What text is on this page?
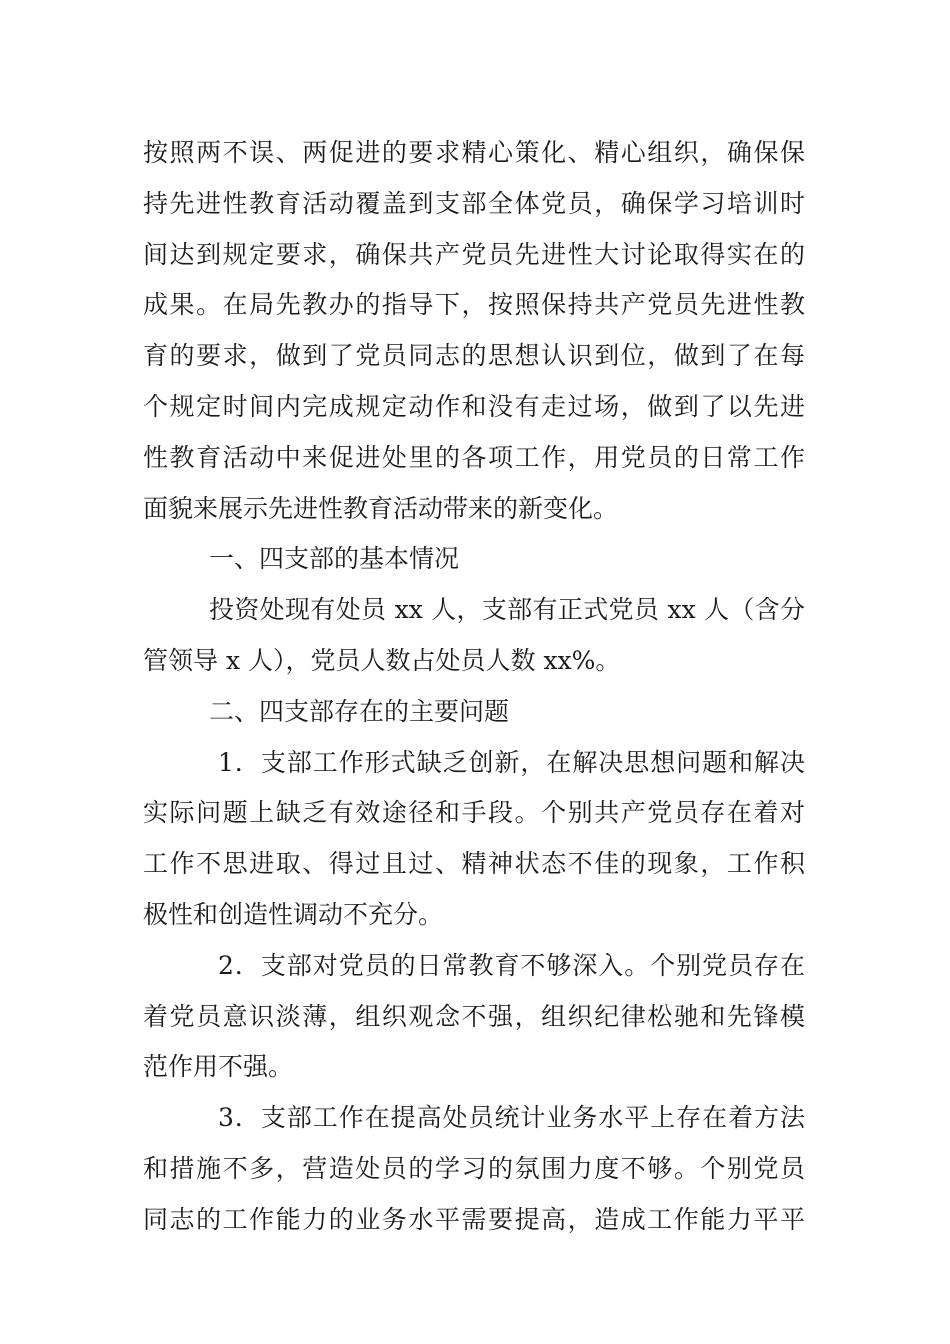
按照两不误、两促进的要求精心策化、精心组织，确保保
持先进性教育活动覆盖到支部全体党员，确保学习培训时
间达到规定要求，确保共产党员先进性大讨论取得实在的
成果。在局先教办的指导下，按照保持共产党员先进性教
育的要求，做到了党员同志的思想认识到位，做到了在每
个规定时间内完成规定动作和没有走过场，做到了以先进
性教育活动中来促进处里的各项工作，用党员的日常工作
面貌来展示先进性教育活动带来的新变化。
一、四支部的基本情况
投资处现有处员 xx 人，支部有正式党员 xx 人（含分
管领导 x 人），党员人数占处员人数 xx%。
二、四支部存在的主要问题
1．支部工作形式缺乏创新，在解决思想问题和解决
实际问题上缺乏有效途径和手段。个别共产党员存在着对
工作不思进取、得过且过、精神状态不佳的现象，工作积
极性和创造性调动不充分。
2．支部对党员的日常教育不够深入。个别党员存在
着党员意识淡薄，组织观念不强，组织纪律松驰和先锋模
范作用不强。
3．支部工作在提高处员统计业务水平上存在着方法
和措施不多，营造处员的学习的氛围力度不够。个别党员
同志的工作能力的业务水平需要提高，造成工作能力平平
